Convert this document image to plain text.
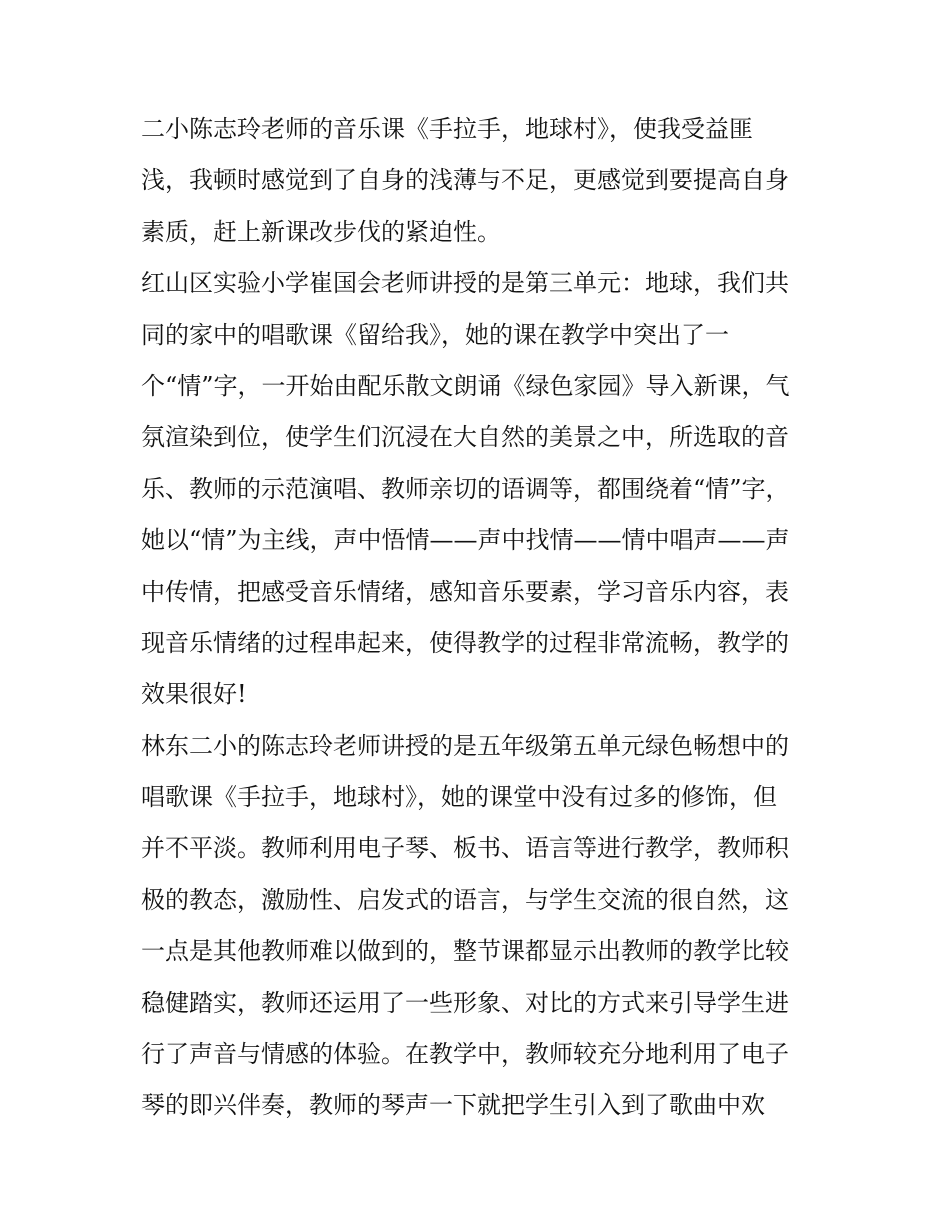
二小陈志玲老师的音乐课《手拉手，地球村》，使我受益匪
浅，我顿时感觉到了自身的浅薄与不足，更感觉到要提高自身
素质，赶上新课改步伐的紧迫性。
红山区实验小学崔国会老师讲授的是第三单元：地球，我们共
同的家中的唱歌课《留给我》，她的课在教学中突出了一
个“情”字，一开始由配乐散文朗诵《绿色家园》导入新课，气
氛渲染到位，使学生们沉浸在大自然的美景之中，所选取的音
乐、教师的示范演唱、教师亲切的语调等，都围绕着“情”字，
她以“情”为主线，声中悟情——声中找情——情中唱声——声
中传情，把感受音乐情绪，感知音乐要素，学习音乐内容，表
现音乐情绪的过程串起来，使得教学的过程非常流畅，教学的
效果很好!
林东二小的陈志玲老师讲授的是五年级第五单元绿色畅想中的
唱歌课《手拉手，地球村》，她的课堂中没有过多的修饰，但
并不平淡。教师利用电子琴、板书、语言等进行教学，教师积
极的教态，激励性、启发式的语言，与学生交流的很自然，这
一点是其他教师难以做到的，整节课都显示出教师的教学比较
稳健踏实，教师还运用了一些形象、对比的方式来引导学生进
行了声音与情感的体验。在教学中，教师较充分地利用了电子
琴的即兴伴奏，教师的琴声一下就把学生引入到了歌曲中欢
